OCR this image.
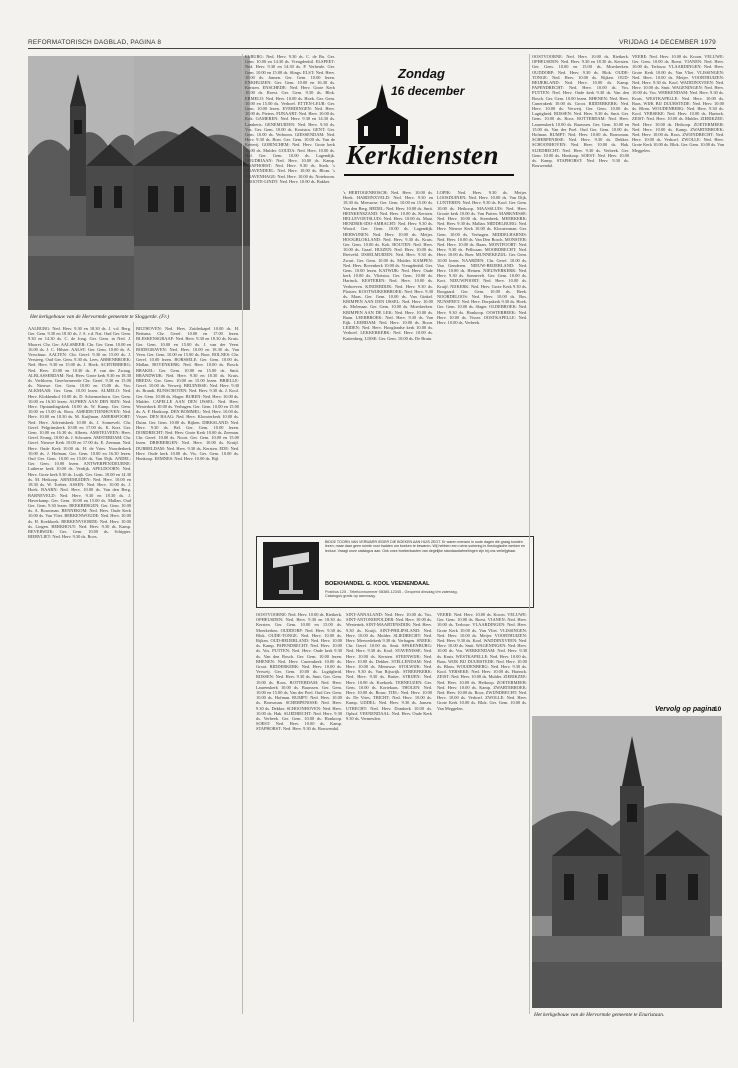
REFORMATORISCH DAGBLAD, PAGINA 8	VRIJDAG 14 DECEMBER 1979
Het kerkgebouw van de Hervormde gemeente te Sloggerde. (Fr.)
AALBURG: Ned. Herv. 9.30 en 18.30 ds. J. v.d. Berg. Ger. Gem. 9.30 en 18.30 ds. J. S. v.d. Nat. Oud Ger. Gem. 9.30 en 14.30 ds. C. de Jong. Ger. Gem. in Ned. J. Mooret. Chr. Ger. AALSMEER: Chr. Ger. Gem. 10.00 en 16.00 ds. J. C. Hilster. AALST: Ger. Gem. 10.00 ds. A. Verschuur. AALTEN: Chr. Geref. 9.30 en 15.00 ds. J. Versteeg. Oud Ger. Gem. 9.30 ds. Lees. ABBENBROEK: Ned. Herv. 9.30 en 15.00 ds. J. Hoek. ACHTERBERG: Ned. Herv. 10.00 en 18.30 ds. P. van der Zwaag. ALBLASSERDAM: Ned. Herv. Grote kerk 9.30 en 18.30 ds. Verbloem. Gereformeerde Chr. Geref. 9.30 en 15.00 ds. Nieuwe. Ger. Gem. 10.00 en 15.00 ds. Vos. ALKMAAR: Ger. Gem. 10.00 lezen. ALMELO: Ned. Herv. Klokkenhof 10.00 ds. D. Schermerhorn. Ger. Gem. 10.00 en 16.30 lezen. ALPHEN AAN DEN RIJN: Ned. Herv. Opstandingskerk 10.00 ds. W. Kamp. Ger. Gem. 10.00 en 15.00 ds. Roos. AMEIDE/TIENHOVEN: Ned. Herv. 10.00 en 18.30 ds. M. Kuijlman. AMERSFOORT: Ned. Herv. Adventskerk 10.00 ds. J. Sonnevelt. Chr. Geref. Pelgrimskerk 10.00 en 17.00 ds. K. Kort. Ger. Gem. 10.00 en 16.30 ds. Alberts. AMSTELVEEN: Herv. Geref. Evang. 10.00 ds. J. Schouten. AMSTERDAM: Chr. Geref. Nieuwe Kerk 10.00 en 17.00 ds. E. Zeeman. Ned. Herv. Oude Kerk 10.00 ds. H. de Vries. Noorderkerk 10.00 ds. J. Hofman. Ger. Gem. 10.00 en 16.30 lezen. Oud Ger. Gem. 10.00 en 15.00 ds. Van Dijk. ANDEL: Ger. Gem. 10.00 lezen. ANTWERPEN/DEURNE: Lutherse kerk 10.00 ds. Verdijk. APELDOORN: Ned. Herv. Grote kerk 9.30 ds. Luijk. Ger. Gem. 10.00 en 14.30 ds. M. Heikoop. ARNEMUIDEN: Ned. Herv. 10.00 en 18.30 ds. W. Toebes. ASSEN: Ned. Herv. 10.00 ds. J. Hoek. BAARN: Ned. Herv. 10.00 ds. Van den Berg. BARNEVELD: Ned. Herv. 9.30 en 18.30 ds. J. Haverkamp. Ger. Gem. 10.00 en 15.00 ds. Mallan. Oud Ger. Gem. 9.30 lezen. BEEKBERGEN: Ger. Gem. 10.00 ds. A. Bouwman. BENNEKOM: Ned. Herv. Oude Kerk 10.00 ds. Van Vliet. BERKENWOUDE: Ned. Herv. 10.00 ds. H. Koekkoek. BERKENVOORDE: Ned. Herv. 10.00 ds. Lingen. BERKHOUT: Ned. Herv. 9.30 ds. Kamp. BEVERWIJK: Ger. Gem. 10.00 ds. Schipper. BIERVLIET: Ned. Herv. 9.30 ds. Roos.
BILTHOVEN: Ned. Herv. Zuiderkapel 10.00 ds. H. Reitsma. Chr. Geref. 10.00 en 17.00 lezen. BLESKENSGRAAF: Ned. Herv. 9.30 en 18.30 ds. Kruis. Ger. Gem. 10.00 en 15.00 ds. J. van der Veen. BODEGRAVEN: Ned. Herv. 10.00 en 18.30 ds. Van Veen. Ger. Gem. 10.00 en 15.00 ds. Boot. BOLNES: Chr. Geref. 10.00 lezen. BORSSELE: Ger. Gem. 10.00 ds. Mallan. BOVENKERK: Ned. Herv. 10.00 ds. Bosch. BRAKEL: Ger. Gem. 10.00 en 15.00 ds. Smit. BRANDWIJK: Ned. Herv. 9.30 en 18.30 ds. Kruis. BREDA: Ger. Gem. 10.00 en 15.00 lezen. BRIELLE: Geref. 10.00 ds. Verweij. BRUINISSE: Ned. Herv. 9.30 ds. Brandt. BUNSCHOTEN: Ned. Herv. 9.30 ds. J. Kool. Ger. Gem. 10.00 ds. Slager. BUREN: Ned. Herv. 10.00 ds. Mulder. CAPELLE AAN DEN IJSSEL: Ned. Herv. Westerkerk 10.00 ds. Verhagen. Ger. Gem. 10.00 en 15.00 ds. A. F. Honkoop. DEN BOMMEL: Ned. Herv. 10.00 ds. Visser. DEN HAAG: Ned. Herv. Kloosterkerk 10.00 ds. Duim. Ger. Gem. 10.00 ds. Rijken. DIRKSLAND: Ned. Herv. 9.30 ds. Bel. Ger. Gem. 10.00 lezen. DORDRECHT: Ned. Herv. Grote Kerk 10.00 ds. Zeeman. Chr. Geref. 10.00 ds. Noort. Ger. Gem. 10.00 en 15.00 lezen. DRIEBERGEN: Ned. Herv. 10.00 ds. Kruijf. DUBBELDAM: Ned. Herv. 9.30 ds. Kersten. EDE: Ned. Herv. Oude kerk 10.00 ds. Vis. Ger. Gem. 10.00 ds. Honkoop. EEMNES: Ned. Herv. 10.00 ds. Bijl.
ELBURG: Ned. Herv. 9.30 ds. C. de Ru. Ger. Gem. 10.00 en 14.30 ds. Vreugdenhil. ELSPEET: Ned. Herv. 9.30 en 14.30 ds. P. Verheule. Ger. Gem. 10.00 en 15.00 ds. Slings. ELST: Ned. Herv. 10.00 ds. Jansen. Ger. Gem. 10.00 lezen. ENKHUIZEN: Ger. Gem. 10.00 en 16.30 ds. Kersten. ENSCHEDE: Ned. Herv. Grote Kerk 10.00 ds. Roest. Ger. Gem. 9.30 ds. Blok. ERMELO: Ned. Herv. 10.00 ds. Hoek. Ger. Gem. 10.00 en 15.00 ds. Verhoef. ETTEN-LEUR: Ger. Gem. 10.00 lezen. EVERDINGEN: Ned. Herv. 10.00 ds. Pieters. FIJNAART: Ned. Herv. 10.00 ds. Kok. GAMEREN: Ned. Herv. 9.30 en 14.30 ds. Lamberts. GENEMUIDEN: Ned. Herv. 9.30 ds. Vos. Ger. Gem. 10.00 ds. Kooistra. GENT: Ger. Gem. 10.00 ds. Verboom. GIESSENDAM: Ned. Herv. 9.30 ds. Boer. Ger. Gem. 10.00 ds. Van de Ketterij. GORINCHEM: Ned. Herv. Grote kerk 10.00 ds. Mulder. GOUDA: Ned. Herv. 10.00 ds. Hof. Ger. Gem. 10.00 ds. Lagendijk. GOUDRIAAN: Ned. Herv. 10.00 ds. Kamp. GRAFHORST: Ned. Herv. 9.30 ds. Sterk. 's GRAVENDEEL: Ned. Herv. 10.00 ds. Blom. 's GRAVENHAGE: Ned. Herv. 10.00 ds. Noteboom. GROOTE-LINDT: Ned. Herv. 10.00 ds. Bakker.
Zondag
16 december
Kerkdiensten
's HERTOGENBOSCH: Ned. Herv. 10.00 ds. Hoek. HARDINXVELD: Ned. Herv. 9.30 en 18.30 ds. Meeuwse. Ger. Gem. 10.00 en 15.00 ds. Van den Berg. HEDEL: Ned. Herv. 10.00 ds. Smit. HEINKENSZAND: Ned. Herv. 10.00 ds. Kersten. HELLEVOETSLUIS: Ned. Herv. 10.00 ds. Maat. HENDRIK-IDO-AMBACHT: Ned. Herv. 9.30 ds. Woord. Ger. Gem. 10.00 ds. Lagendijk. HERWIJNEN: Ned. Herv. 10.00 ds. Meijer. HOOGBLOKLAND: Ned. Herv. 9.30 ds. Kruis. Ger. Gem. 10.00 ds. Kok. HOUTEN: Ned. Herv. 10.00 ds. Graaf. HUIZEN: Ned. Herv. 10.00 ds. Rietveld. IJSSELMUIDEN: Ned. Herv. 9.30 ds. Zwart. Ger. Gem. 10.00 ds. Mulder. KAMPEN: Ned. Herv. Bovenkerk 10.00 ds. Vreugdenhil. Ger. Gem. 10.00 lezen. KATWIJK: Ned. Herv. Oude kerk 10.00 ds. Vlietstra. Ger. Gem. 10.00 ds. Harinck. KESTEREN: Ned. Herv. 10.00 ds. Verhoeven. KINDERDIJK: Ned. Herv. 9.30 ds. Plaisier. KOOTWIJKERBROEK: Ned. Herv. 9.30 ds. Maas. Ger. Gem. 10.00 ds. Van Ginkel. KRIMPEN AAN DEN IJSSEL: Ned. Herv. 10.00 ds. Molenaar. Ger. Gem. 10.00 ds. Moerkerken. KRIMPEN AAN DE LEK: Ned. Herv. 10.00 ds. Baan. LEERBROEK: Ned. Herv. 9.30 ds. Van Eijk. LEERDAM: Ned. Herv. 10.00 ds. Boon. LEIDEN: Ned. Herv. Hooglandse kerk 10.00 ds. Verhoef. LEKKERKERK: Ned. Herv. 10.00 ds. Kattenberg. LISSE: Ger. Gem. 10.00 ds. De Bruin.
LOPIK: Ned. Herv. 9.30 ds. Meijer. LOOSDUINEN: Ned. Herv. 10.00 ds. Van Dijk. LUNTEREN: Ned. Herv. 9.30 ds. Kool. Ger. Gem. 10.00 ds. Heikoop. MAASSLUIS: Ned. Herv. Groote kerk 10.00 ds. Van Putten. MARKNESSE: Ned. Herv. 10.00 ds. Steenbeek. MEERKERK: Ned. Herv. 9.30 ds. Mallan. MIDDELBURG: Ned. Herv. Nieuwe Kerk 10.00 ds. Kloosterman. Ger. Gem. 10.00 ds. Verhagen. MIDDELHARNIS: Ned. Herv. 10.00 ds. Van Den Bosch. MONSTER: Ned. Herv. 10.00 ds. Baars. MONTFOORT: Ned. Herv. 9.30 ds. Pellicaan. MOORDRECHT: Ned. Herv. 10.00 ds. Boer. MUNNEKEZIJL: Ger. Gem. 10.00 lezen. NAARDEN: Chr. Geref. 10.00 ds. Van Genderen. NIEUW-BEIJERLAND: Ned. Herv. 10.00 ds. Heinen. NIEUWERKERK: Ned. Herv. 9.30 ds. Sonnevelt. Ger. Gem. 10.00 ds. Kort. NIEUWPOORT: Ned. Herv. 10.00 ds. Kruijf. NIJKERK: Ned. Herv. Grote Kerk 9.30 ds. Boogaard. Ger. Gem. 10.00 ds. Beek. NOORDELOOS: Ned. Herv. 10.00 ds. Bos. NUNSPEET: Ned. Herv. Dorpskerk 9.30 ds. Hoek. Ger. Gem. 10.00 ds. Slager. OLDEBROEK: Ned. Herv. 9.30 ds. Honkoop. OOSTERBEEK: Ned. Herv. 10.00 ds. Visser. OOSTKAPELLE: Ned. Herv. 10.00 ds. Verbeek.
BIDDE TOORN VAN VERWARR IEDER DIE BOEKEN AAN HUIS ZEGT. Er waren mensen in oude dagen die graag konden lezen, maar daar geen ruimte voor hadden om boeken te bewaren. Wij hebben een ruime sortering in theologische werken en lectuur. Vraagt onze catalogus aan. Ook onze boekenkasten van degelijke standaardafmetingen zijn bij ons verkrijgbaar.
BOEKHANDEL G. KOOL VEENENDAAL
Postbus 125 - Telefoonnummer 08385-12345 - Geopend dinsdag t/m zaterdag. Catalogus gratis op aanvraag.
OOSTVOORNE: Ned. Herv. 10.00 ds. Rietkerk. OPHEUSDEN: Ned. Herv. 9.30 en 18.30 ds. Kersten. Ger. Gem. 10.00 en 15.00 ds. Moerkerken. OUDDORP: Ned. Herv. 9.30 ds. Blok. OUDE-TONGE: Ned. Herv. 10.00 ds. Rijken. OUD-BEIJERLAND: Ned. Herv. 10.00 ds. Kamp. PAPENDRECHT: Ned. Herv. 10.00 ds. Vos. PUTTEN: Ned. Herv. Oude kerk 9.30 ds. Van den Bosch. Ger. Gem. 10.00 lezen. RHENEN: Ned. Herv. Cunerakerk 10.00 ds. Groot. RIDDERKERK: Ned. Herv. 10.00 ds. Verweij. Ger. Gem. 10.00 ds. Lugtigheid. RIJSSEN: Ned. Herv. 9.30 ds. Smit. Ger. Gem. 10.00 ds. Roos. ROTTERDAM: Ned. Herv. Laurenskerk 10.00 ds. Baarssen. Ger. Gem. 10.00 en 15.00 ds. Van der Poel. Oud Ger. Gem. 10.00 ds. Hofman. RUMPT: Ned. Herv. 10.00 ds. Bouwman. SCHERPENISSE: Ned. Herv. 9.30 ds. Dekker. SCHOONHOVEN: Ned. Herv. 10.00 ds. Hak. SLIEDRECHT: Ned. Herv. 9.30 ds. Verbeek. Ger. Gem. 10.00 ds. Honkoop. SOEST: Ned. Herv. 10.00 ds. Kamp. STAPHORST: Ned. Herv. 9.30 ds. Rouwendal.
SINT-ANNALAND: Ned. Herv. 10.00 ds. Vos. SINT-ANTONIEPOLDER: Ned. Herv. 10.00 ds. Westerink. SINT-MAARTENSDIJK: Ned. Herv. 9.30 ds. Kruijt. SINT-PHILIPSLAND: Ned. Herv. 10.00 ds. Mulder. SLIEDRECHT: Ned. Herv. Merwedekerk 9.30 ds. Verhagen. SNEEK: Chr. Geref. 10.00 ds. Smit. SPAKENBURG: Ned. Herv. 9.30 ds. Kool. STAVENISSE: Ned. Herv. 10.00 ds. Kersten. STEENWIJK: Ned. Herv. 10.00 ds. Dekker. STELLENDAM: Ned. Herv. 10.00 ds. Meeuwse. STOLWIJK: Ned. Herv. 9.30 ds. Van Rijswijk. STREEFKERK: Ned. Herv. 9.30 ds. Ruiter. STRIJEN: Ned. Herv. 10.00 ds. Koekoek. TERNEUZEN: Ger. Gem. 10.00 ds. Kortekaas. THOLEN: Ned. Herv. 10.00 ds. Bouw. TIEL: Ned. Herv. 10.00 ds. De Vries. TRICHT: Ned. Herv. 10.00 ds. Kamp. UDDEL: Ned. Herv. 9.30 ds. Jansen. UTRECHT: Ned. Herv. Domkerk 10.00 ds. Ophof. VEENENDAAL: Ned. Herv. Oude Kerk 9.30 ds. Vermeulen.
VEERE: Ned. Herv. 10.00 ds. Kroon. VELUWE: Ger. Gem. 10.00 ds. Roest. VIANEN: Ned. Herv. 10.00 ds. Terlouw. VLAARDINGEN: Ned. Herv. Grote Kerk 10.00 ds. Van Vliet. VLISSINGEN: Ned. Herv. 10.00 ds. Meijer. VOORTHUIZEN: Ned. Herv. 9.30 ds. Kool. WADDINXVEEN: Ned. Herv. 10.00 ds. Smit. WAGENINGEN: Ned. Herv. 10.00 ds. Vos. WERKENDAM: Ned. Herv. 9.30 ds. Kruis. WESTKAPELLE: Ned. Herv. 10.00 ds. Baas. WIJK BIJ DUURSTEDE: Ned. Herv. 10.00 ds. Blom. WOUDENBERG: Ned. Herv. 9.30 ds. Kool. YERSEKE: Ned. Herv. 10.00 ds. Harinck. ZEIST: Ned. Herv. 10.00 ds. Mulder. ZIERIKZEE: Ned. Herv. 10.00 ds. Heikoop. ZOETERMEER: Ned. Herv. 10.00 ds. Kamp. ZWARTEBROEK: Ned. Herv. 10.00 ds. Roos. ZWIJNDRECHT: Ned. Herv. 10.00 ds. Verhoef. ZWOLLE: Ned. Herv. Grote Kerk 10.00 ds. Blok. Ger. Gem. 10.00 ds. Van Meggelen.
OOSTVOORNE: Ned. Herv. 10.00 ds. Rietkerk. OPHEUSDEN: Ned. Herv. 9.30 en 18.30 ds. Kersten. Ger. Gem. 10.00 en 15.00 ds. Moerkerken. OUDDORP: Ned. Herv. 9.30 ds. Blok. OUDE-TONGE: Ned. Herv. 10.00 ds. Rijken. OUD-BEIJERLAND: Ned. Herv. 10.00 ds. Kamp. PAPENDRECHT: Ned. Herv. 10.00 ds. Vos. PUTTEN: Ned. Herv. Oude kerk 9.30 ds. Van den Bosch. Ger. Gem. 10.00 lezen. RHENEN: Ned. Herv. Cunerakerk 10.00 ds. Groot. RIDDERKERK: Ned. Herv. 10.00 ds. Verweij. Ger. Gem. 10.00 ds. Lugtigheid. RIJSSEN: Ned. Herv. 9.30 ds. Smit. Ger. Gem. 10.00 ds. Roos. ROTTERDAM: Ned. Herv. Laurenskerk 10.00 ds. Baarssen. Ger. Gem. 10.00 en 15.00 ds. Van der Poel. Oud Ger. Gem. 10.00 ds. Hofman. RUMPT: Ned. Herv. 10.00 ds. Bouwman. SCHERPENISSE: Ned. Herv. 9.30 ds. Dekker. SCHOONHOVEN: Ned. Herv. 10.00 ds. Hak. SLIEDRECHT: Ned. Herv. 9.30 ds. Verbeek. Ger. Gem. 10.00 ds. Honkoop. SOEST: Ned. Herv. 10.00 ds. Kamp. STAPHORST: Ned. Herv. 9.30 ds. Rouwendal.
VEERE: Ned. Herv. 10.00 ds. Kroon. VELUWE: Ger. Gem. 10.00 ds. Roest. VIANEN: Ned. Herv. 10.00 ds. Terlouw. VLAARDINGEN: Ned. Herv. Grote Kerk 10.00 ds. Van Vliet. VLISSINGEN: Ned. Herv. 10.00 ds. Meijer. VOORTHUIZEN: Ned. Herv. 9.30 ds. Kool. WADDINXVEEN: Ned. Herv. 10.00 ds. Smit. WAGENINGEN: Ned. Herv. 10.00 ds. Vos. WERKENDAM: Ned. Herv. 9.30 ds. Kruis. WESTKAPELLE: Ned. Herv. 10.00 ds. Baas. WIJK BIJ DUURSTEDE: Ned. Herv. 10.00 ds. Blom. WOUDENBERG: Ned. Herv. 9.30 ds. Kool. YERSEKE: Ned. Herv. 10.00 ds. Harinck. ZEIST: Ned. Herv. 10.00 ds. Mulder. ZIERIKZEE: Ned. Herv. 10.00 ds. Heikoop. ZOETERMEER: Ned. Herv. 10.00 ds. Kamp. ZWARTEBROEK: Ned. Herv. 10.00 ds. Roos. ZWIJNDRECHT: Ned. Herv. 10.00 ds. Verhoef. ZWOLLE: Ned. Herv. Grote Kerk 10.00 ds. Blok. Ger. Gem. 10.00 ds. Van Meggelen.
Vervolg op pagina
10
Het kerkgebouw van de Hervormde gemeente te Enaristaan.
